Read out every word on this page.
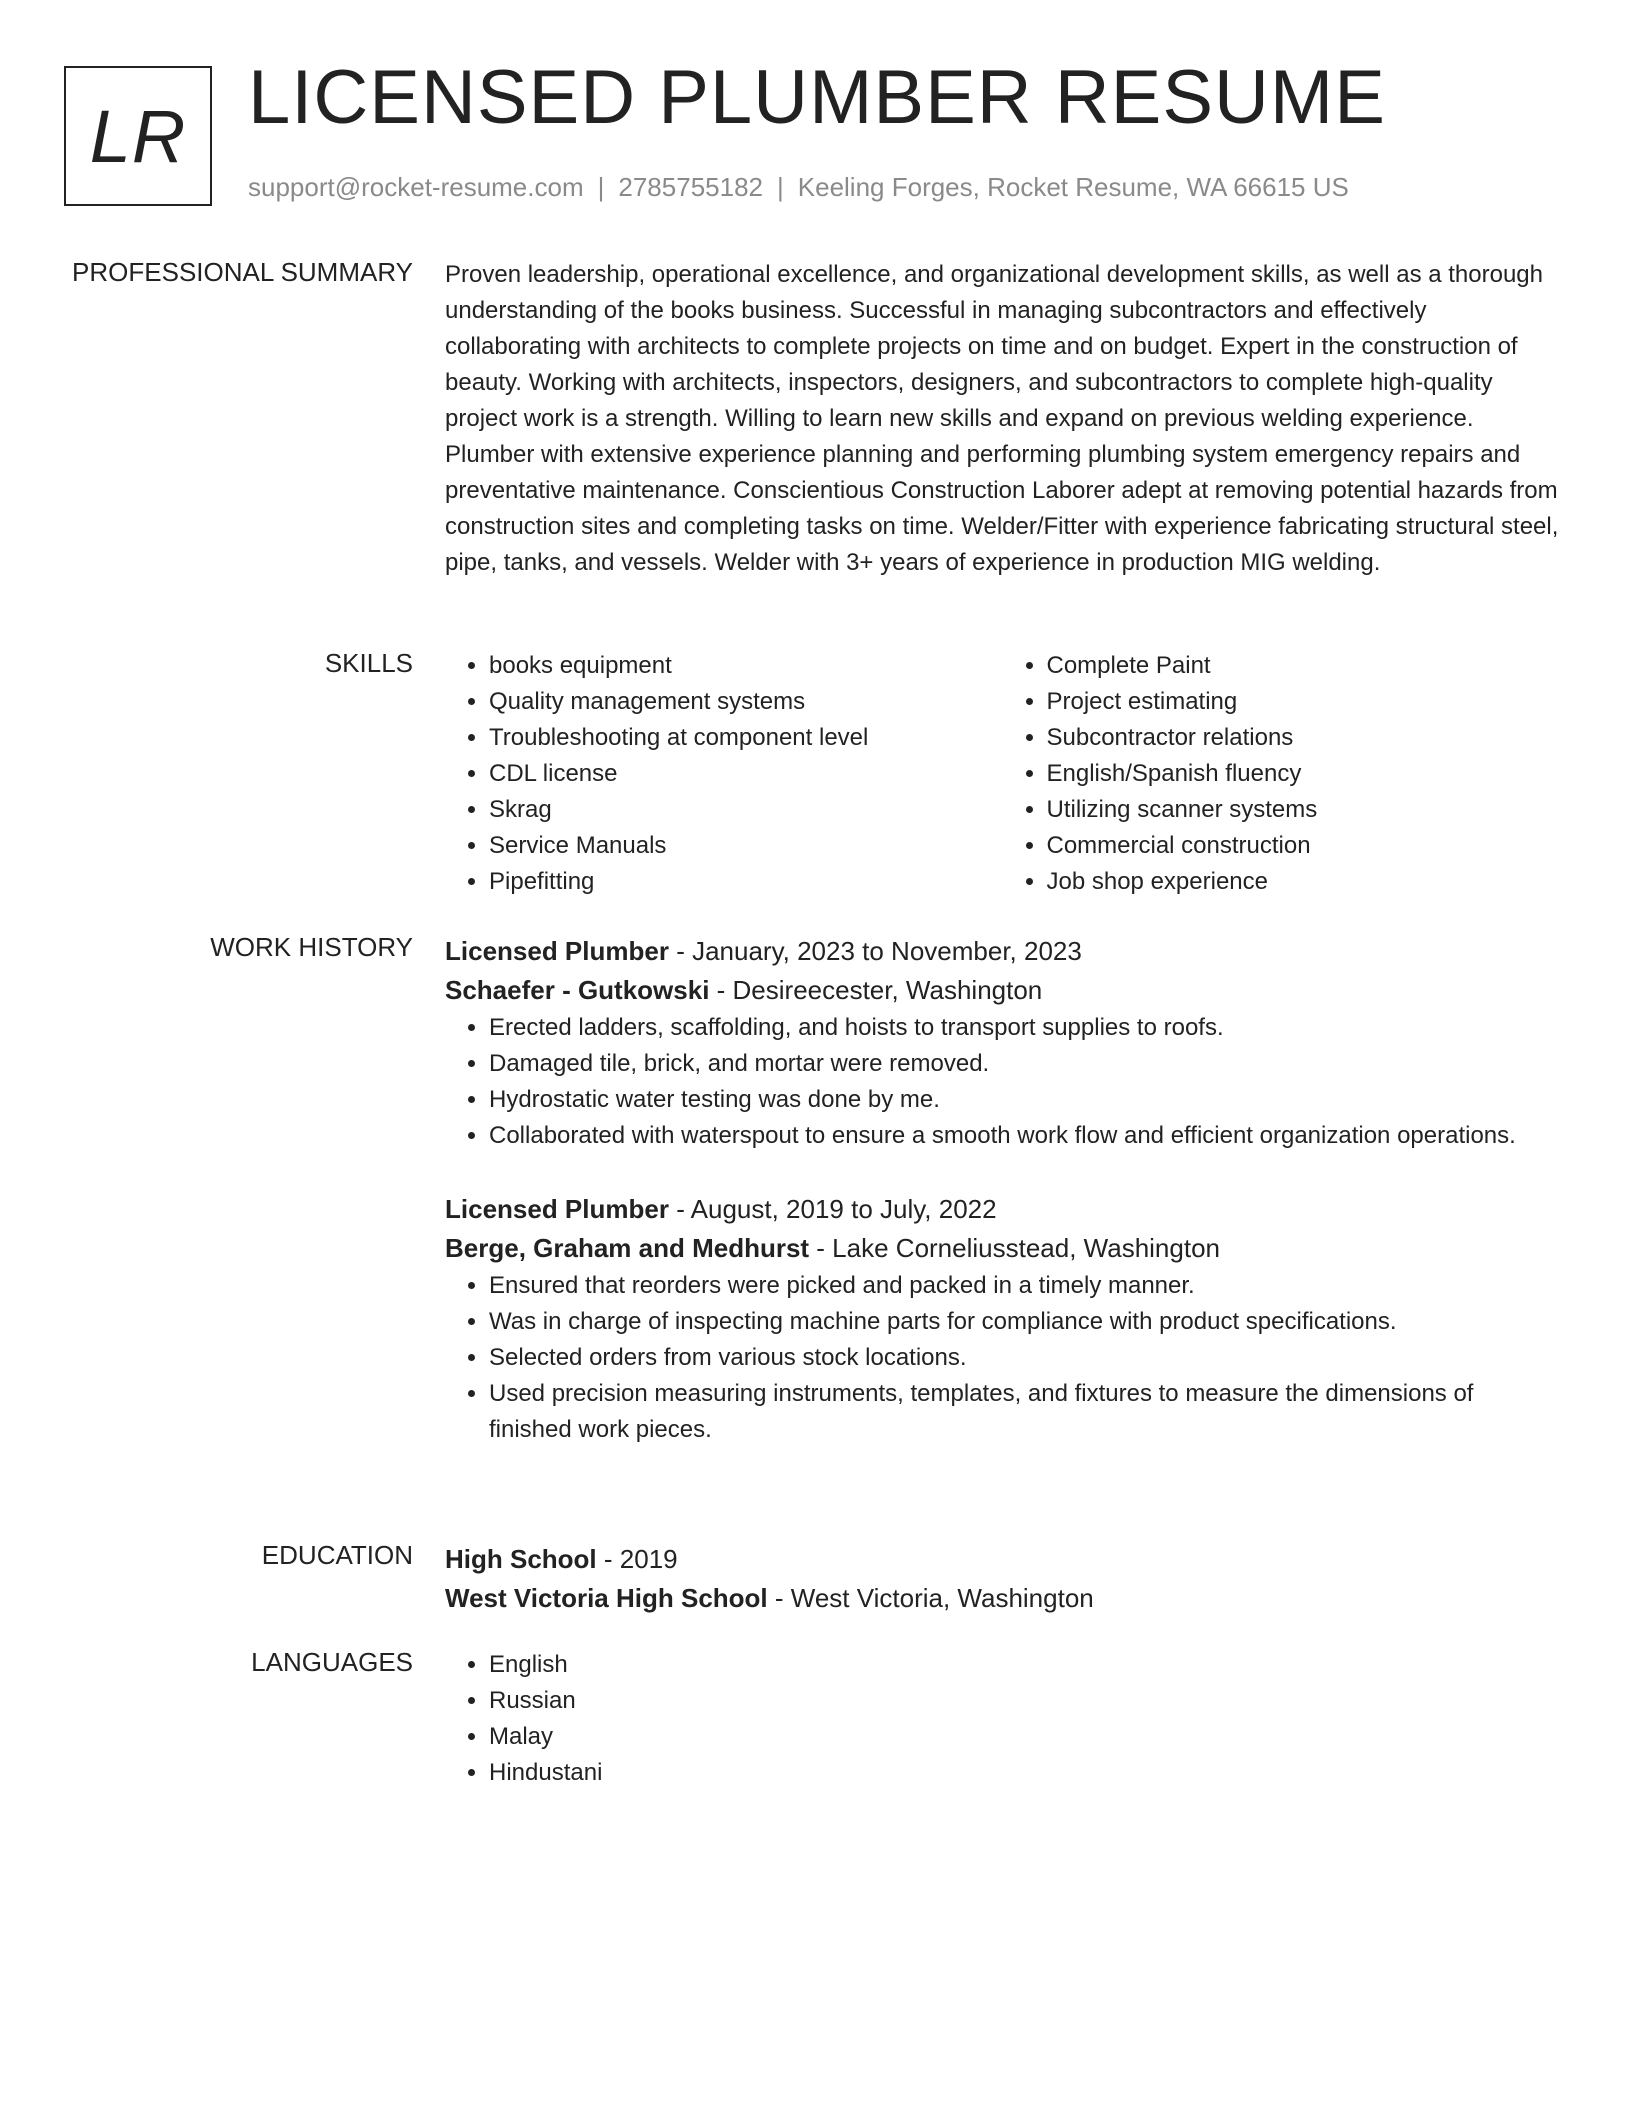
LR LICENSED PLUMBER RESUME
support@rocket-resume.com | 2785755182 | Keeling Forges, Rocket Resume, WA 66615 US
PROFESSIONAL SUMMARY Proven leadership, operational excellence, and organizational development skills, as well as a thorough understanding of the books business. Successful in managing subcontractors and effectively collaborating with architects to complete projects on time and on budget. Expert in the construction of beauty. Working with architects, inspectors, designers, and subcontractors to complete high-quality project work is a strength. Willing to learn new skills and expand on previous welding experience. Plumber with extensive experience planning and performing plumbing system emergency repairs and preventative maintenance. Conscientious Construction Laborer adept at removing potential hazards from construction sites and completing tasks on time. Welder/Fitter with experience fabricating structural steel, pipe, tanks, and vessels. Welder with 3+ years of experience in production MIG welding.

SKILLS	• books equipment
• Quality management systems
• Troubleshooting at component level
• CDL license
• Skrag
• Service Manuals
• Pipefitting
• Complete Paint
• Project estimating
• Subcontractor relations
• English/Spanish fluency
• Utilizing scanner systems
• Commercial construction
• Job shop experience
WORK HISTORY Licensed Plumber - January, 2023 to November, 2023
Schaefer - Gutkowski - Desireecester, Washington
• Erected ladders, scaffolding, and hoists to transport supplies to roofs.
• Damaged tile, brick, and mortar were removed.
• Hydrostatic water testing was done by me.
• Collaborated with waterspout to ensure a smooth work flow and efficient organization operations.
Licensed Plumber - August, 2019 to July, 2022
Berge, Graham and Medhurst - Lake Corneliusstead, Washington
• Ensured that reorders were picked and packed in a timely manner.
• Was in charge of inspecting machine parts for compliance with product specifications.
• Selected orders from various stock locations.
• Used precision measuring instruments, templates, and fixtures to measure the dimensions of finished work pieces.
EDUCATION High School - 2019
West Victoria High School - West Victoria, Washington
LANGUAGES	• English
• Russian
• Malay
• Hindustani
